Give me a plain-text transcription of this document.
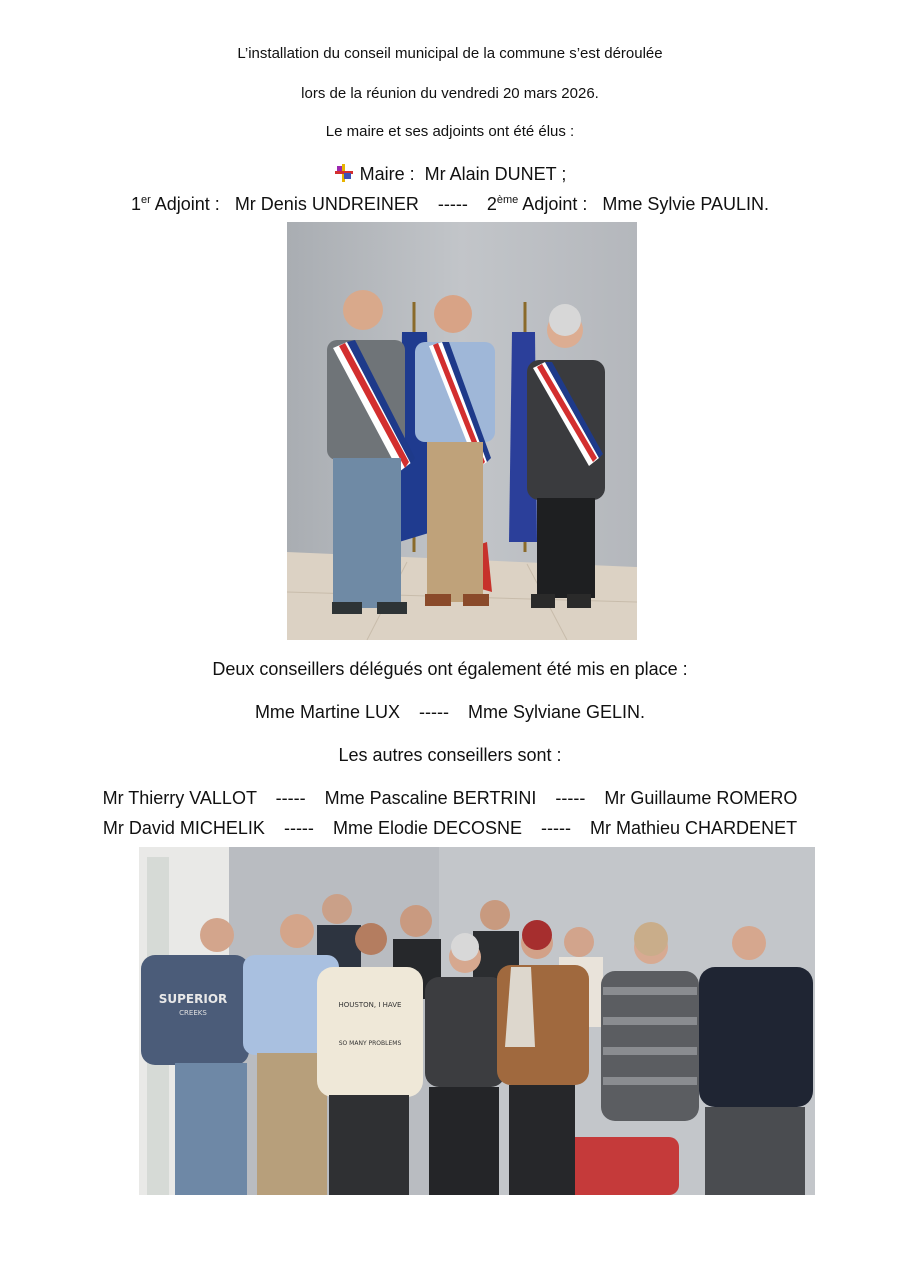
L’installation du conseil municipal de la commune s’est déroulée
lors de la réunion du vendredi 20 mars 2026.
Le maire et ses adjoints ont été élus :
Maire : Mr Alain DUNET ;
1er Adjoint : Mr Denis UNDREINER ----- 2ème Adjoint : Mme Sylvie PAULIN.
Deux conseillers délégués ont également été mis en place :
Mme Martine LUX ----- Mme Sylviane GELIN.
Les autres conseillers sont :
Mr Thierry VALLOT ----- Mme Pascaline BERTRINI ----- Mr Guillaume ROMERO
Mr David MICHELIK ----- Mme Elodie DECOSNE ----- Mr Mathieu CHARDENET
SUPERIOR
CREEKS
HOUSTON, I HAVE
SO MANY PROBLEMS
